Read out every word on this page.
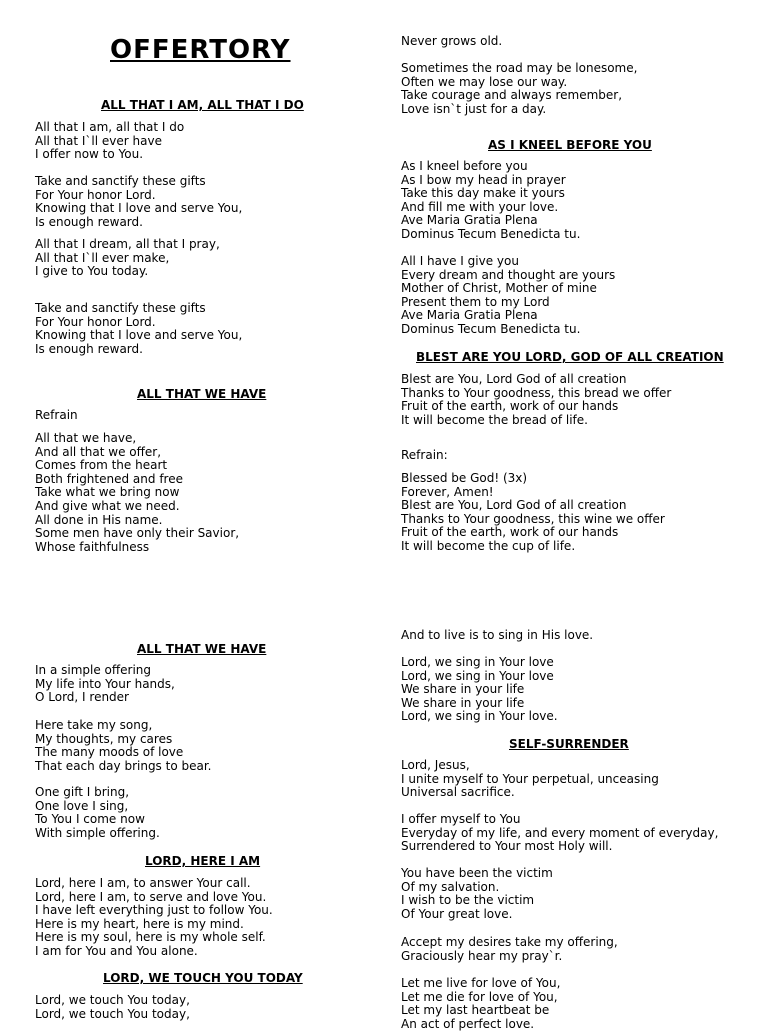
OFFERTORY
ALL THAT I AM, ALL THAT I DO
All that I am, all that I do
All that I`ll ever have
I offer now to You.
Take and sanctify these gifts
For Your honor Lord.
Knowing that I love and serve You,
Is enough reward.
All that I dream, all that I pray,
All that I`ll ever make,
I give to You today.
Take and sanctify these gifts
For Your honor Lord.
Knowing that I love and serve You,
Is enough reward.
ALL THAT WE HAVE
Refrain
All that we have,
And all that we offer,
Comes from the heart
Both frightened and free
Take what we bring now
And give what we need.
All done in His name.
Some men have only their Savior,
Whose faithfulness
Never grows old.
Sometimes the road may be lonesome,
Often we may lose our way.
Take courage and always remember,
Love isn`t just for a day.
AS I KNEEL BEFORE YOU
As I kneel before you
As I bow my head in prayer
Take this day make it yours
And fill me with your love.
Ave Maria Gratia Plena
Dominus Tecum Benedicta tu.
All I have I give you
Every dream and thought are yours
Mother of Christ, Mother of mine
Present them to my Lord
Ave Maria Gratia Plena
Dominus Tecum Benedicta tu.
BLEST ARE YOU LORD, GOD OF ALL CREATION
Blest are You, Lord God of all creation
Thanks to Your goodness, this bread we offer
Fruit of the earth, work of our hands
It will become the bread of life.
Refrain:
Blessed be God! (3x)
Forever, Amen!
Blest are You, Lord God of all creation
Thanks to Your goodness, this wine we offer
Fruit of the earth, work of our hands
It will become the cup of life.
ALL THAT WE HAVE
In a simple offering
My life into Your hands,
O Lord, I render
Here take my song,
My thoughts, my cares
The many moods of love
That each day brings to bear.
One gift I bring,
One love I sing,
To You I come now
With simple offering.
LORD, HERE I AM
Lord, here I am, to answer Your call.
Lord, here I am, to serve and love You.
I have left everything just to follow You.
Here is my heart, here is my mind.
Here is my soul, here is my whole self.
I am for You and You alone.
LORD, WE TOUCH YOU TODAY
Lord, we touch You today,
Lord, we touch You today,
And to live is to sing in His love.
Lord, we sing in Your love
Lord, we sing in Your love
We share in your life
We share in your life
Lord, we sing in Your love.
SELF-SURRENDER
Lord, Jesus,
I unite myself to Your perpetual, unceasing
Universal sacrifice.
I offer myself to You
Everyday of my life, and every moment of everyday,
Surrendered to Your most Holy will.
You have been the victim
Of my salvation.
I wish to be the victim
Of Your great love.
Accept my desires take my offering,
Graciously hear my pray`r.
Let me live for love of You,
Let me die for love of You,
Let my last heartbeat be
An act of perfect love.
